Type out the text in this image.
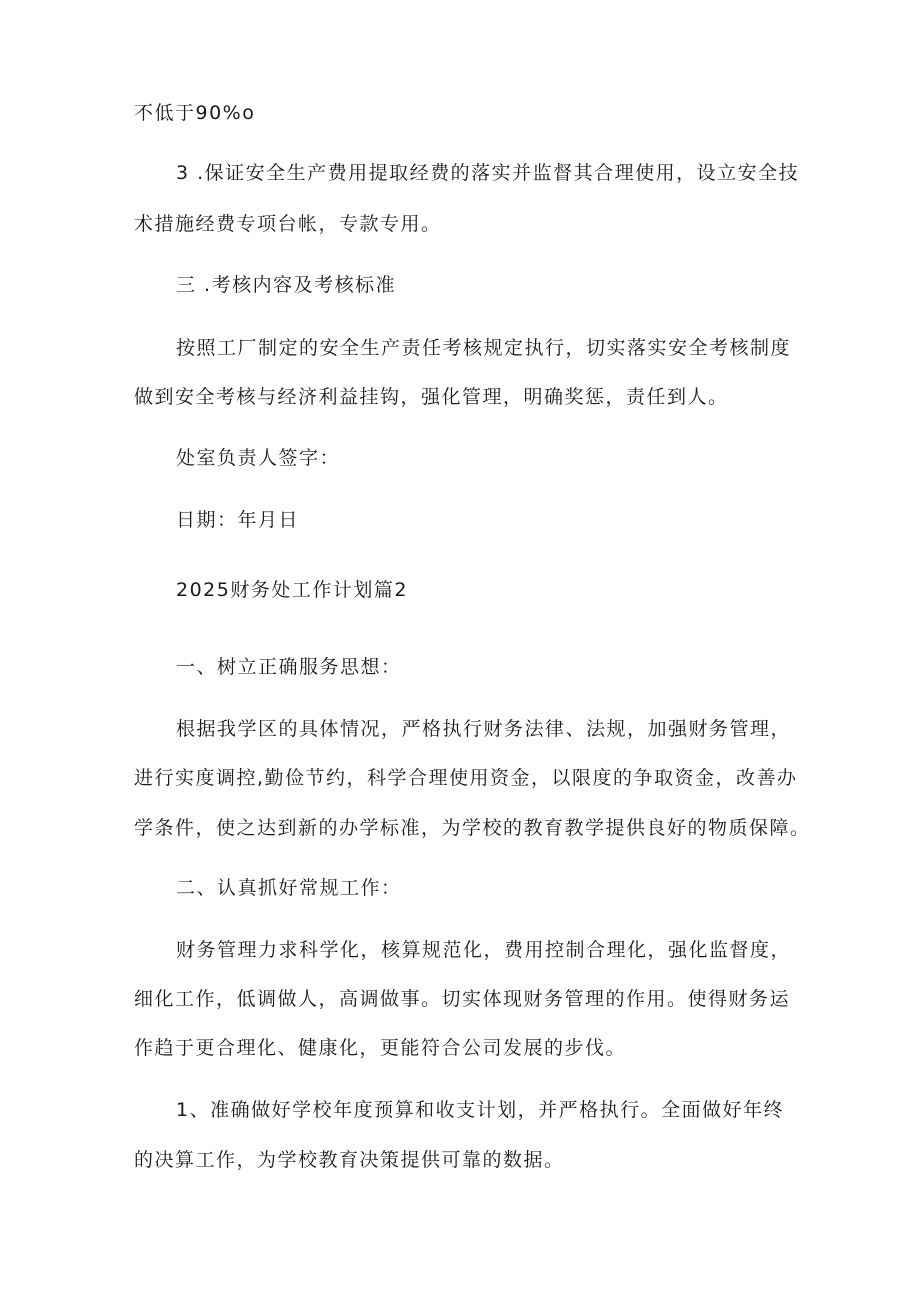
不低于90%o
3 .保证安全生产费用提取经费的落实并监督其合理使用，设立安全技
术措施经费专项台帐，专款专用。
三 .考核内容及考核标准
按照工厂制定的安全生产责任考核规定执行，切实落实安全考核制度
做到安全考核与经济利益挂钩，强化管理，明确奖惩，责任到人。
处室负责人签字：
日期：年月日
2025财务处工作计划篇2
一、树立正确服务思想：
根据我学区的具体情况，严格执行财务法律、法规，加强财务管理，
进行实度调控,勤俭节约，科学合理使用资金，以限度的争取资金，改善办
学条件，使之达到新的办学标准，为学校的教育教学提供良好的物质保障。
二、认真抓好常规工作：
财务管理力求科学化，核算规范化，费用控制合理化，强化监督度，
细化工作，低调做人，高调做事。切实体现财务管理的作用。使得财务运
作趋于更合理化、健康化，更能符合公司发展的步伐。
1、准确做好学校年度预算和收支计划，并严格执行。全面做好年终
的决算工作，为学校教育决策提供可靠的数据。
